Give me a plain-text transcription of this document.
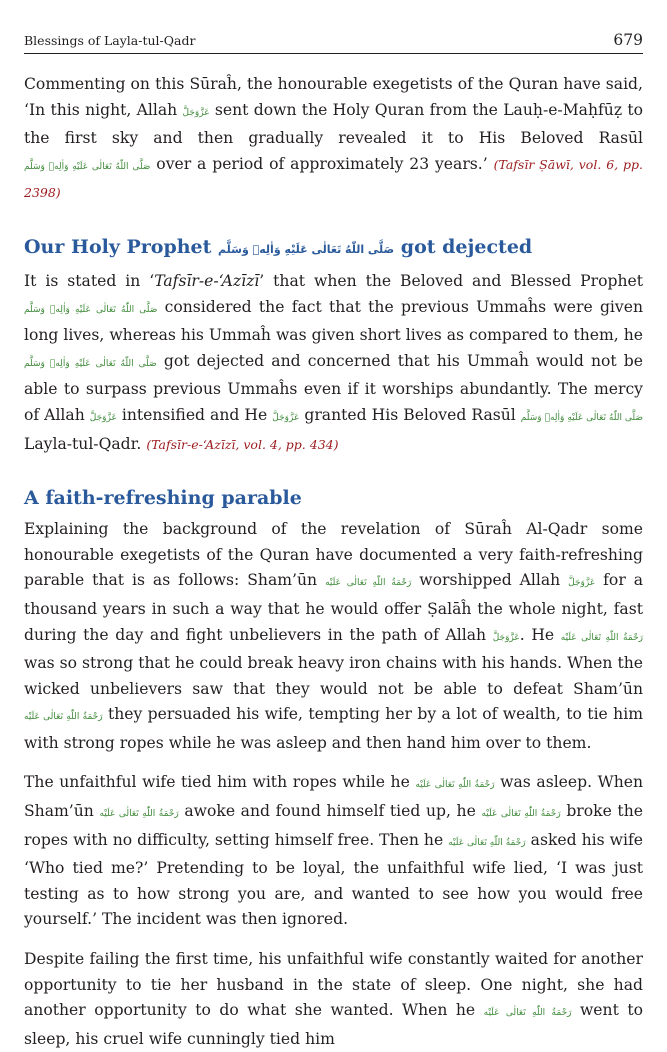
Blessings of Layla-tul-Qadr	679

Commenting on this Sūraĥ, the honourable exegetists of the Quran have said, ‘In this night, Allah عَزَّوَجَلَّ sent down the Holy Quran from the Lauḥ-e-Maḥfūẓ to the first sky and then gradually revealed it to His Beloved Rasūl صَلَّى اللّٰهُ تَعَالٰى عَلَيْهِ وَاٰلِهٖ وَسَلَّم over a period of approximately 23 years.’ (Tafsīr Ṣāwī, vol. 6, pp. 2398)

Our Holy Prophet صَلَّى اللّٰهُ تَعَالٰى عَلَيْهِ وَاٰلِهٖ وَسَلَّم got dejected

It is stated in ‘Tafsīr-e-‘Azīzī’ that when the Beloved and Blessed Prophet صَلَّى اللّٰهُ تَعَالٰى عَلَيْهِ وَاٰلِهٖ وَسَلَّم considered the fact that the previous Ummaĥs were given long lives, whereas his Ummaĥ was given short lives as compared to them, he صَلَّى اللّٰهُ تَعَالٰى عَلَيْهِ وَاٰلِهٖ وَسَلَّم got dejected and concerned that his Ummaĥ would not be able to surpass previous Ummaĥs even if it worships abundantly. The mercy of Allah عَزَّوَجَلَّ intensified and He عَزَّوَجَلَّ granted His Beloved Rasūl صَلَّى اللّٰهُ تَعَالٰى عَلَيْهِ وَاٰلِهٖ وَسَلَّم Layla-tul-Qadr. (Tafsīr-e-‘Azīzī, vol. 4, pp. 434)

A faith-refreshing parable

Explaining the background of the revelation of Sūraĥ Al-Qadr some honourable exegetists of the Quran have documented a very faith-refreshing parable that is as follows: Sham’ūn رَحْمَةُ اللّٰهِ تَعَالٰى عَلَيْه worshipped Allah عَزَّوَجَلَّ for a thousand years in such a way that he would offer Ṣalāĥ the whole night, fast during the day and fight unbelievers in the path of Allah عَزَّوَجَلَّ. He رَحْمَةُ اللّٰهِ تَعَالٰى عَلَيْه was so strong that he could break heavy iron chains with his hands. When the wicked unbelievers saw that they would not be able to defeat Sham’ūn رَحْمَةُ اللّٰهِ تَعَالٰى عَلَيْه they persuaded his wife, tempting her by a lot of wealth, to tie him with strong ropes while he was asleep and then hand him over to them.

The unfaithful wife tied him with ropes while he رَحْمَةُ اللّٰهِ تَعَالٰى عَلَيْه was asleep. When Sham’ūn رَحْمَةُ اللّٰهِ تَعَالٰى عَلَيْه awoke and found himself tied up, he رَحْمَةُ اللّٰهِ تَعَالٰى عَلَيْه broke the ropes with no difficulty, setting himself free. Then he رَحْمَةُ اللّٰهِ تَعَالٰى عَلَيْه asked his wife ‘Who tied me?’ Pretending to be loyal, the unfaithful wife lied, ‘I was just testing as to how strong you are, and wanted to see how you would free yourself.’ The incident was then ignored.

Despite failing the first time, his unfaithful wife constantly waited for another opportunity to tie her husband in the state of sleep. One night, she had another opportunity to do what she wanted. When he رَحْمَةُ اللّٰهِ تَعَالٰى عَلَيْه went to sleep, his cruel wife cunningly tied him
